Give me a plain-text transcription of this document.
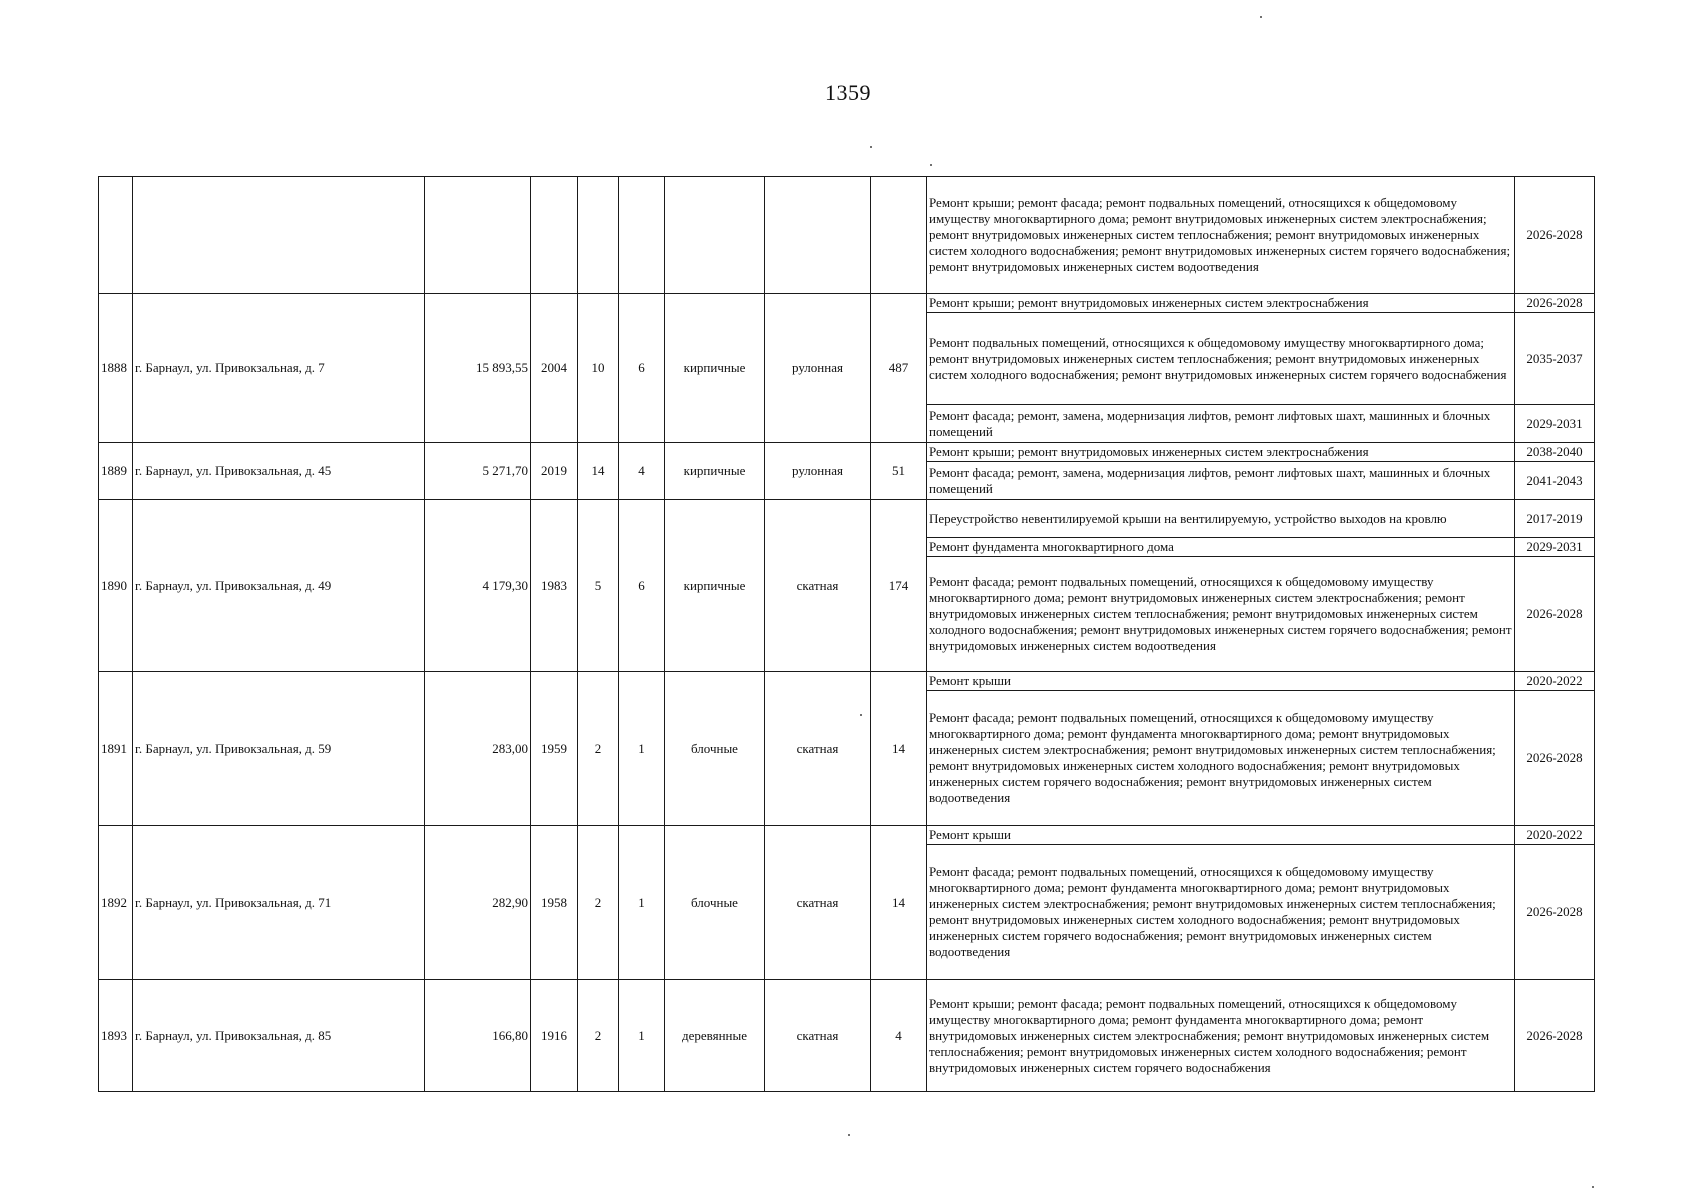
1359
									Ремонт крыши; ремонт фасада; ремонт подвальных помещений, относящихся к общедомовому имуществу многоквартирного дома; ремонт внутридомовых инженерных систем электроснабжения; ремонт внутридомовых инженерных систем теплоснабжения; ремонт внутридомовых инженерных систем холодного водоснабжения; ремонт внутридомовых инженерных систем горячего водоснабжения; ремонт внутридомовых инженерных систем водоотведения	2026-2028
1888	г. Барнаул, ул. Привокзальная, д. 7	15 893,55	2004	10	6	кирпичные	рулонная	487	Ремонт крыши; ремонт внутридомовых инженерных систем электроснабжения	2026-2028
									Ремонт подвальных помещений, относящихся к общедомовому имуществу многоквартирного дома; ремонт внутридомовых инженерных систем теплоснабжения; ремонт внутридомовых инженерных систем холодного водоснабжения; ремонт внутридомовых инженерных систем горячего водоснабжения	2035-2037
									Ремонт фасада; ремонт, замена, модернизация лифтов, ремонт лифтовых шахт, машинных и блочных помещений	2029-2031
1889	г. Барнаул, ул. Привокзальная, д. 45	5 271,70	2019	14	4	кирпичные	рулонная	51	Ремонт крыши; ремонт внутридомовых инженерных систем электроснабжения	2038-2040
									Ремонт фасада; ремонт, замена, модернизация лифтов, ремонт лифтовых шахт, машинных и блочных помещений	2041-2043
1890	г. Барнаул, ул. Привокзальная, д. 49	4 179,30	1983	5	6	кирпичные	скатная	174	Переустройство невентилируемой крыши на вентилируемую, устройство выходов на кровлю	2017-2019
									Ремонт фундамента многоквартирного дома	2029-2031
									Ремонт фасада; ремонт подвальных помещений, относящихся к общедомовому имуществу многоквартирного дома; ремонт внутридомовых инженерных систем электроснабжения; ремонт внутридомовых инженерных систем теплоснабжения; ремонт внутридомовых инженерных систем холодного водоснабжения; ремонт внутридомовых инженерных систем горячего водоснабжения; ремонт внутридомовых инженерных систем водоотведения	2026-2028
1891	г. Барнаул, ул. Привокзальная, д. 59	283,00	1959	2	1	блочные	скатная	14	Ремонт крыши	2020-2022
									Ремонт фасада; ремонт подвальных помещений, относящихся к общедомовому имуществу многоквартирного дома; ремонт фундамента многоквартирного дома; ремонт внутридомовых инженерных систем электроснабжения; ремонт внутридомовых инженерных систем теплоснабжения; ремонт внутридомовых инженерных систем холодного водоснабжения; ремонт внутридомовых инженерных систем горячего водоснабжения; ремонт внутридомовых инженерных систем водоотведения	2026-2028
1892	г. Барнаул, ул. Привокзальная, д. 71	282,90	1958	2	1	блочные	скатная	14	Ремонт крыши	2020-2022
									Ремонт фасада; ремонт подвальных помещений, относящихся к общедомовому имуществу многоквартирного дома; ремонт фундамента многоквартирного дома; ремонт внутридомовых инженерных систем электроснабжения; ремонт внутридомовых инженерных систем теплоснабжения; ремонт внутридомовых инженерных систем холодного водоснабжения; ремонт внутридомовых инженерных систем горячего водоснабжения; ремонт внутридомовых инженерных систем водоотведения	2026-2028
1893	г. Барнаул, ул. Привокзальная, д. 85	166,80	1916	2	1	деревянные	скатная	4	Ремонт крыши; ремонт фасада; ремонт подвальных помещений, относящихся к общедомовому имуществу многоквартирного дома; ремонт фундамента многоквартирного дома; ремонт внутридомовых инженерных систем электроснабжения; ремонт внутридомовых инженерных систем теплоснабжения; ремонт внутридомовых инженерных систем холодного водоснабжения; ремонт внутридомовых инженерных систем горячего водоснабжения	2026-2028
